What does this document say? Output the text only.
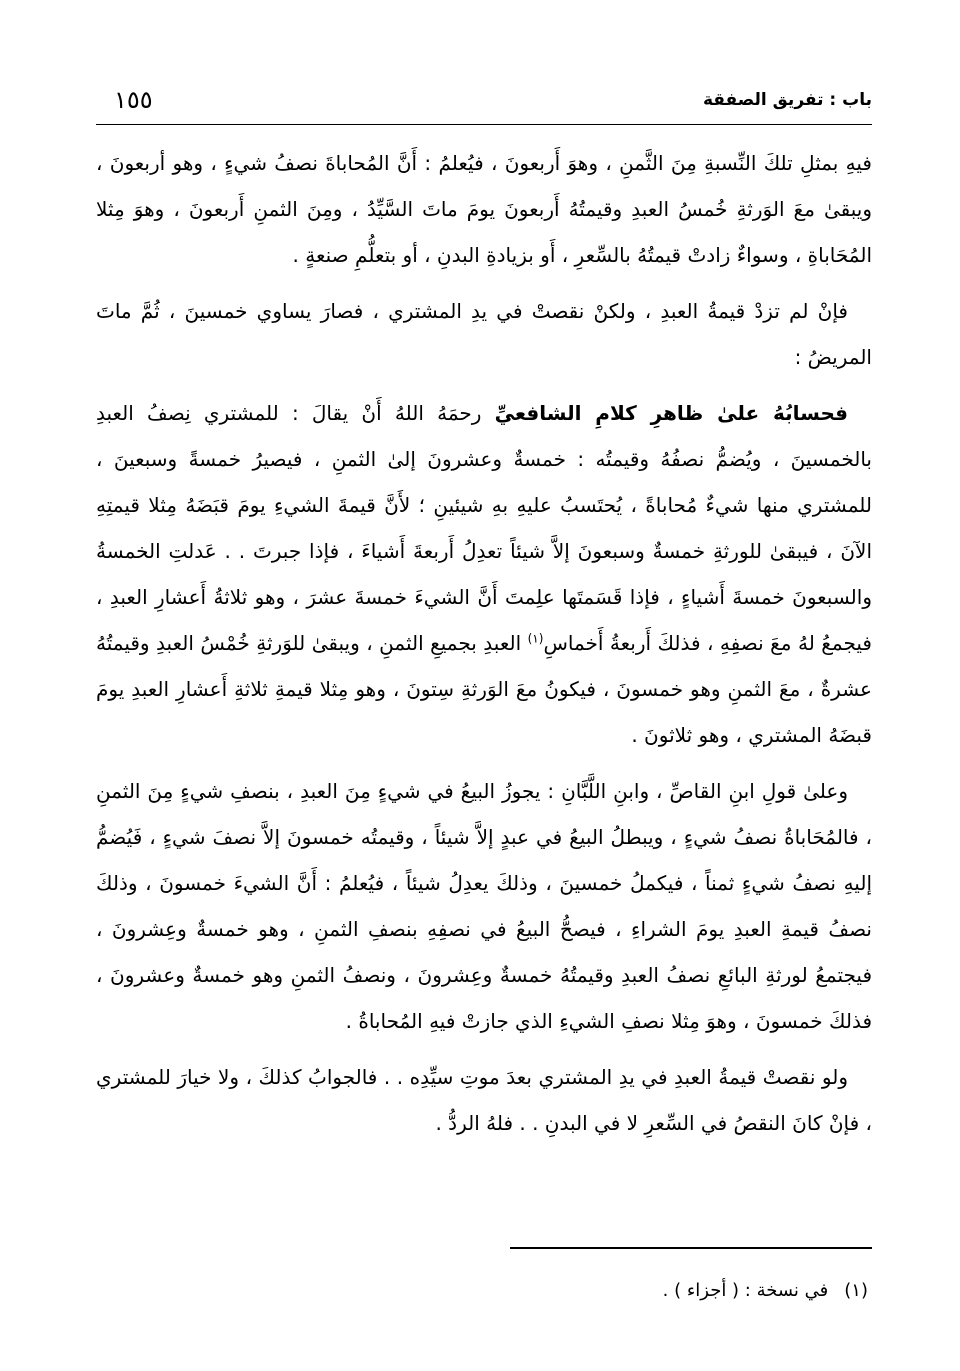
باب : تفريق الصفقة
١٥٥

فيهِ بمثلِ تلكَ النِّسبةِ مِنَ الثَّمنِ ، وهوَ أَربعونَ ، فيُعلمُ : أَنَّ المُحاباةَ نصفُ شيءٍ ، وهو أربعونَ ، ويبقىٰ معَ الوَرثةِ خُمسُ العبدِ وقيمتُهُ أَربعونَ يومَ ماتَ السَّيِّدُ ، ومِنَ الثمنِ أَربعونَ ، وهوَ مِثلا المُحَاباةِ ، وسواءٌ زادتْ قيمتُهُ بالسِّعرِ ، أَو بزيادةِ البدنِ ، أو بتعلُّمِ صنعةٍ .

فإنْ لم تزدْ قيمةُ العبدِ ، ولكنْ نقصتْ في يدِ المشتري ، فصارَ يساوي خمسينَ ، ثُمَّ ماتَ المريضُ :

فحسابُهُ علىٰ ظاهرِ كلامِ الشافعيِّ رحمَهُ اللهُ أَنْ يقالَ : للمشتري نِصفُ العبدِ بالخمسينَ ، ويُضمُّ نصفُهُ وقيمتُه : خمسةٌ وعشرونَ إلىٰ الثمنِ ، فيصيرُ خمسةً وسبعينَ ، للمشتري منها شيءٌ مُحاباةً ، يُحتَسبُ عليهِ بهِ شيئينِ ؛ لأَنَّ قيمةَ الشيءِ يومَ قبَضَهُ مِثلا قيمتِهِ الآنَ ، فيبقىٰ للورثةِ خمسةٌ وسبعونَ إلاَّ شيئاً تعدِلُ أَربعةَ أَشياءَ ، فإذا جبرتَ . . عَدلتِ الخمسةُ والسبعونَ خمسةَ أَشياءٍ ، فإذا قَسَمتَها علِمتَ أَنَّ الشيءَ خمسةَ عشرَ ، وهو ثلاثةُ أَعشارِ العبدِ ، فيجمعُ لهُ معَ نصفِهِ ، فذلكَ أَربعةُ أَخماسِ$^{(١)}$ العبدِ بجميعِ الثمنِ ، ويبقىٰ للوَرثةِ خُمْسُ العبدِ وقيمتُهُ عشرةٌ ، معَ الثمنِ وهو خمسونَ ، فيكونُ معَ الوَرثةِ سِتونَ ، وهو مِثلا قيمةِ ثلاثةِ أَعشارِ العبدِ يومَ قبضَهُ المشتري ، وهو ثلاثونَ .

وعلىٰ قولِ ابنِ القاصِّ ، وابنِ اللَّبَّانِ : يجوزُ البيعُ في شيءٍ مِنَ العبدِ ، بنصفِ شيءٍ مِنَ الثمنِ ، فالمُحَاباةُ نصفُ شيءٍ ، ويبطلُ البيعُ في عبدٍ إلاَّ شيئاً ، وقيمتُه خمسونَ إلاَّ نصفَ شيءٍ ، فَيُضمُّ إليهِ نصفُ شيءٍ ثمناً ، فيكملُ خمسينَ ، وذلكَ يعدِلُ شيئاً ، فيُعلمُ : أَنَّ الشيءَ خمسونَ ، وذلكَ نصفُ قيمةِ العبدِ يومَ الشراءِ ، فيصحُّ البيعُ في نصفِهِ بنصفِ الثمنِ ، وهو خمسةٌ وعِشرونَ ، فيجتمعُ لورثةِ البائعِ نصفُ العبدِ وقيمتُهُ خمسةٌ وعِشرونَ ، ونصفُ الثمنِ وهو خمسةٌ وعشرونَ ، فذلكَ خمسونَ ، وهوَ مِثلا نصفِ الشيءِ الذي جازتْ فيهِ المُحاباةُ .

ولو نقصتْ قيمةُ العبدِ في يدِ المشتري بعدَ موتِ سيِّدِه . . فالجوابُ كذلكَ ، ولا خيارَ للمشتري ، فإنْ كانَ النقصُ في السِّعرِ لا في البدنِ . . فلهُ الردُّ .

(١)في نسخة : ( أجزاء ) .
